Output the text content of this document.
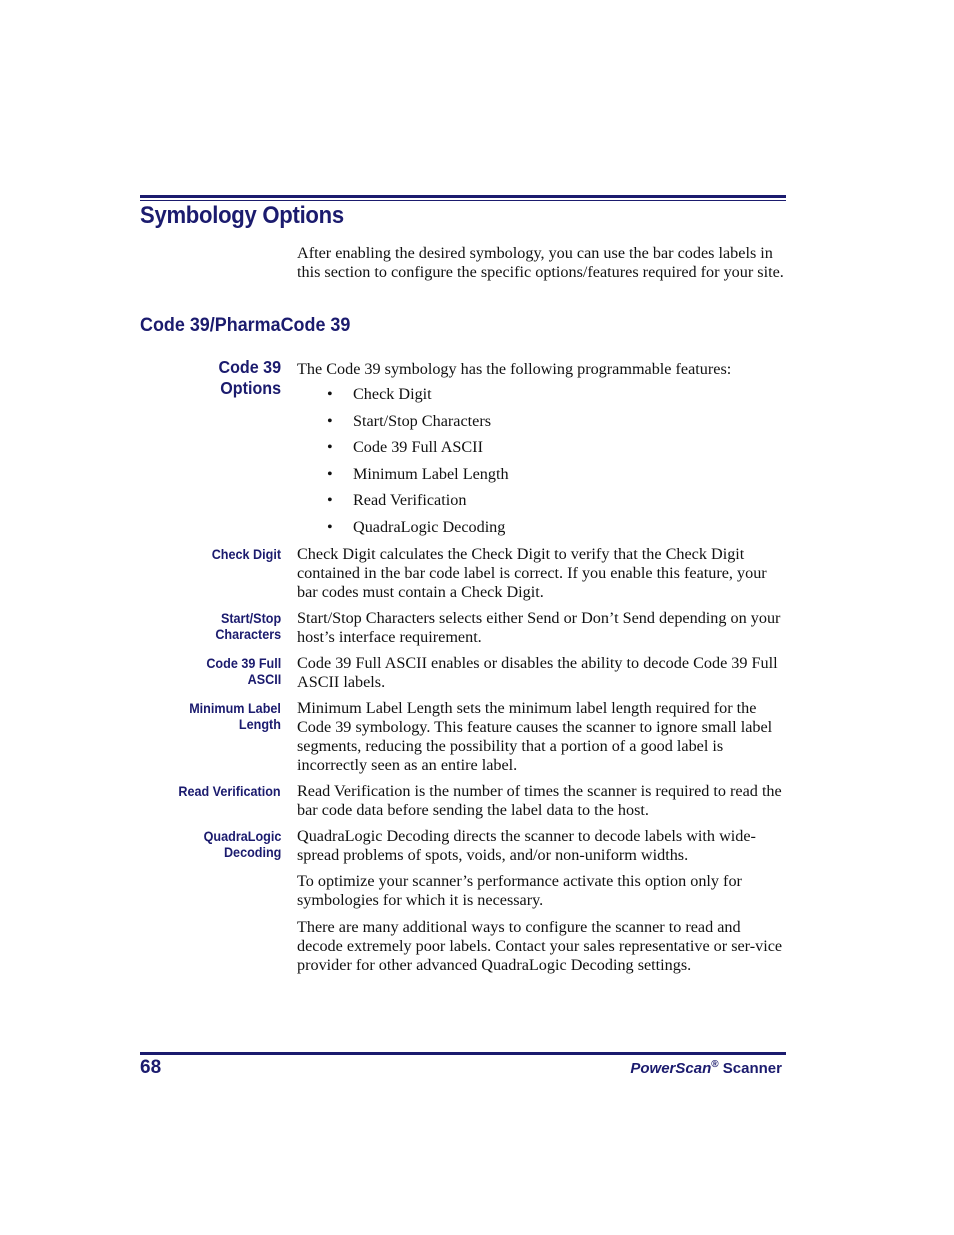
Symbology Options

After enabling the desired symbology, you can use the bar codes labels in this section to configure the specific options/features required for your site.

Code 39/PharmaCode 39
Code 39
Options

The Code 39 symbology has the following programmable features:

• Check Digit
• Start/Stop Characters
• Code 39 Full ASCII
• Minimum Label Length
• Read Verification
• QuadraLogic Decoding
Check Digit Check Digit calculates the Check Digit to verify that the Check Digit contained in the bar code label is correct. If you enable this feature, your bar codes must contain a Check Digit.

Start/Stop
Characters

Start/Stop Characters selects either Send or Don’t Send depending on your host’s interface requirement.

Code 39 Full
ASCII

Code 39 Full ASCII enables or disables the ability to decode Code 39 Full ASCII labels.

Minimum Label
Length

Minimum Label Length sets the minimum label length required for the Code 39 symbology. This feature causes the scanner to ignore small label segments, reducing the possibility that a portion of a good label is incorrectly seen as an entire label.

Read Verification Read Verification is the number of times the scanner is required to read the bar code data before sending the label data to the host.

QuadraLogic
Decoding

QuadraLogic Decoding directs the scanner to decode labels with wide-spread problems of spots, voids, and/or non-uniform widths.

To optimize your scanner’s performance activate this option only for symbologies for which it is necessary.

There are many additional ways to configure the scanner to read and decode extremely poor labels. Contact your sales representative or ser-vice provider for other advanced QuadraLogic Decoding settings.

68	PowerScan® Scanner
